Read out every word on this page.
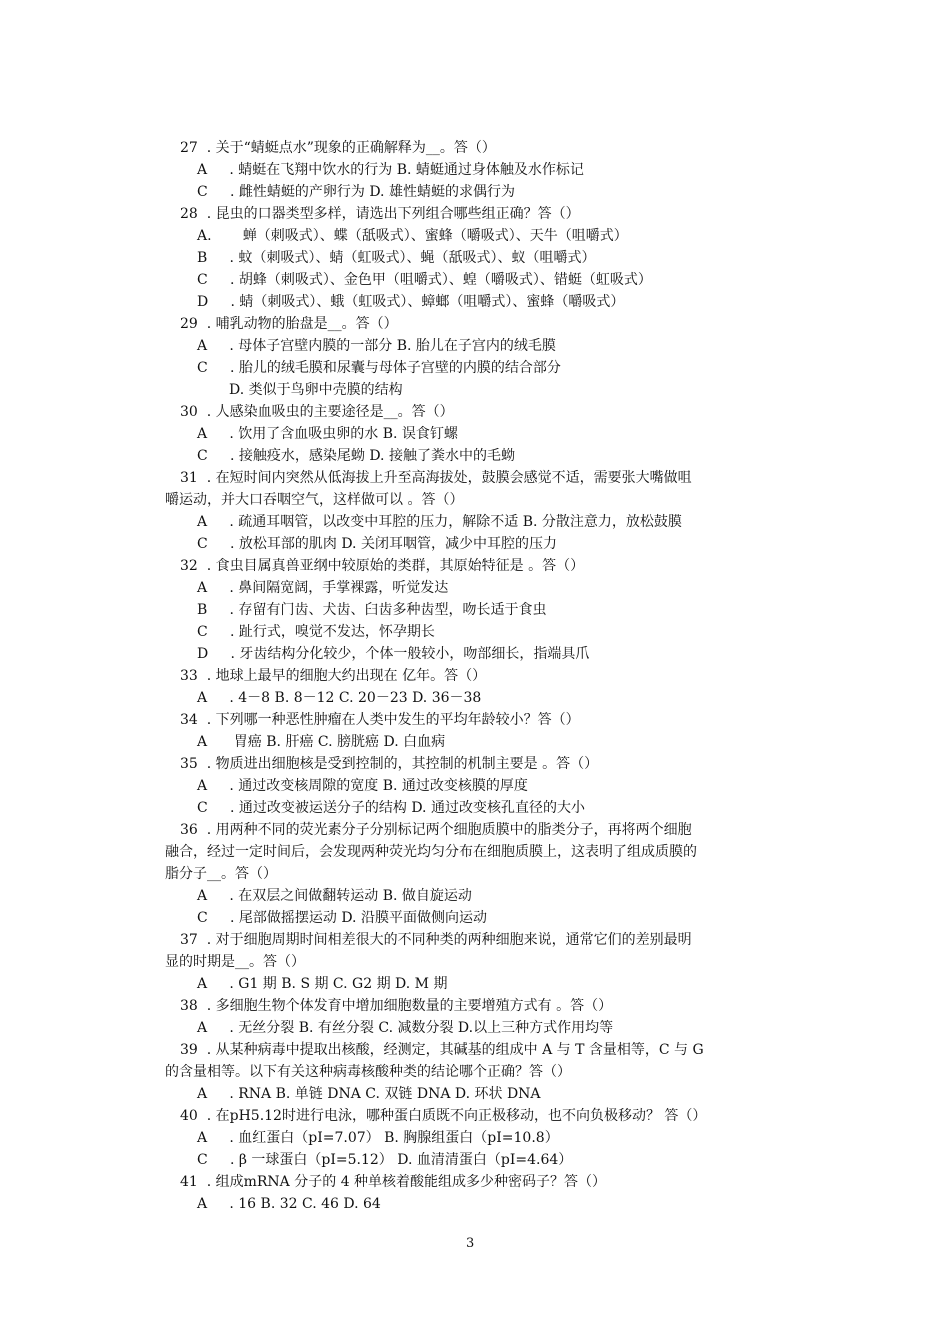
27  . 关于“蜻蜓点水”现象的正确解释为__。答（）
A     . 蜻蜓在飞翔中饮水的行为 B. 蜻蜓通过身体触及水作标记
C     . 雌性蜻蜓的产卵行为 D. 雄性蜻蜓的求偶行为
28  . 昆虫的口器类型多样，请选出下列组合哪些组正确？答（）
A.       蝉（刺吸式）、蝶（舐吸式）、蜜蜂（嚼吸式）、天牛（咀嚼式）
B     . 蚊（刺吸式）、蜻（虹吸式）、蝇（舐吸式）、蚁（咀嚼式）
C     . 胡蜂（刺吸式）、金色甲（咀嚼式）、蝗（嚼吸式）、错蜓（虹吸式）
D     . 蜻（刺吸式）、蛾（虹吸式）、蟑螂（咀嚼式）、蜜蜂（嚼吸式）
29  . 哺乳动物的胎盘是__。答（）
A     . 母体子宫壁内膜的一部分 B. 胎儿在子宫内的绒毛膜
C     . 胎儿的绒毛膜和尿囊与母体子宫壁的内膜的结合部分
D. 类似于鸟卵中壳膜的结构
30  . 人感染血吸虫的主要途径是__。答（）
A     . 饮用了含血吸虫卵的水 B. 误食钉螺
C     . 接触疫水，感染尾蚴 D. 接触了粪水中的毛蚴
31  . 在短时间内突然从低海拔上升至高海拔处，鼓膜会感觉不适，需要张大嘴做咀
嚼运动，并大口吞咽空气，这样做可以 。答（）
A     . 疏通耳咽管，以改变中耳腔的压力，解除不适 B. 分散注意力，放松鼓膜
C     . 放松耳部的肌肉 D. 关闭耳咽管，减少中耳腔的压力
32  . 食虫目属真兽亚纲中较原始的类群，其原始特征是 。答（）
A     . 鼻间隔宽阔，手掌裸露，听觉发达
B     . 存留有门齿、犬齿、臼齿多种齿型，吻长适于食虫
C     . 趾行式，嗅觉不发达，怀孕期长
D     . 牙齿结构分化较少，个体一般较小，吻部细长，指端具爪
33  . 地球上最早的细胞大约出现在 亿年。答（）
A     . 4－8 B. 8－12 C. 20－23 D. 36－38
34  . 下列哪一种恶性肿瘤在人类中发生的平均年龄较小？答（）
A      胃癌 B. 肝癌 C. 膀胱癌 D. 白血病
35  . 物质进出细胞核是受到控制的，其控制的机制主要是 。答（）
A     . 通过改变核周隙的宽度 B. 通过改变核膜的厚度
C     . 通过改变被运送分子的结构 D. 通过改变核孔直径的大小
36  . 用两种不同的荧光素分子分别标记两个细胞质膜中的脂类分子，再将两个细胞
融合，经过一定时间后，会发现两种荧光均匀分布在细胞质膜上，这表明了组成质膜的
脂分子__。答（）
A     . 在双层之间做翻转运动 B. 做自旋运动
C     . 尾部做摇摆运动 D. 沿膜平面做侧向运动
37  . 对于细胞周期时间相差很大的不同种类的两种细胞来说，通常它们的差别最明
显的时期是__。答（）
A     . G1 期 B. S 期 C. G2 期 D. M 期
38  . 多细胞生物个体发育中增加细胞数量的主要增殖方式有 。答（）
A     . 无丝分裂 B. 有丝分裂 C. 减数分裂 D.以上三种方式作用均等
39  . 从某种病毒中提取出核酸，经测定，其碱基的组成中 A 与 T 含量相等，C 与 G
的含量相等。以下有关这种病毒核酸种类的结论哪个正确？答（）
A     . RNA B. 单链 DNA C. 双链 DNA D. 环状 DNA
40  . 在pH5.12时进行电泳，哪种蛋白质既不向正极移动，也不向负极移动？ 答（）
A     . 血红蛋白（pI=7.07） B. 胸腺组蛋白（pI=10.8）
C     . β 一球蛋白（pI=5.12） D. 血清清蛋白（pI=4.64）
41  . 组成mRNA 分子的 4 种单核着酸能组成多少种密码子？答（）
A     . 16 B. 32 C. 46 D. 64
3
